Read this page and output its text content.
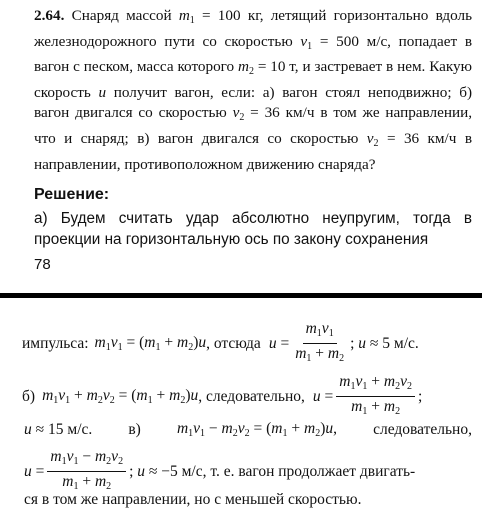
2.64. Снаряд массой $m_1 = 100$ кг, летящий горизонтально вдоль железнодорожного пути со скоростью $v_1 = 500$ м/с, попадает в вагон с песком, масса которого $m_2 = 10$ т, и застревает в нем. Какую скорость u получит вагон, если: а) вагон стоял неподвижно; б) вагон двигался со скоростью $v_2 = 36$ км/ч в том же направлении, что и снаряд; в) вагон двигался со скоростью $v_2 = 36$ км/ч в направлении, противоположном движению снаряда?
Решение:
а) Будем считать удар абсолютно неупругим, тогда в проекции на горизонтальную ось по закону сохранения
78
импульса: $m_1v_1 = (m_1 + m_2)u$ , отсюда $u = \frac{m_1v_1}{m_1 + m_2}$ ; u ≈ 5 м/с.
б) $m_1v_1 + m_2v_2 = (m_1 + m_2)u$ , следовательно, $u = \frac{m_1v_1 + m_2v_2}{m_1 + m_2}$ ;
u ≈ 15 м/с. в) $m_1v_1 - m_2v_2 = (m_1 + m_2)u$, следовательно,
$u = \frac{m_1v_1 - m_2v_2}{m_1 + m_2}$ ; u ≈ −5 м/с, т. е. вагон продолжает двигать-
ся в том же направлении, но с меньшей скоростью.
